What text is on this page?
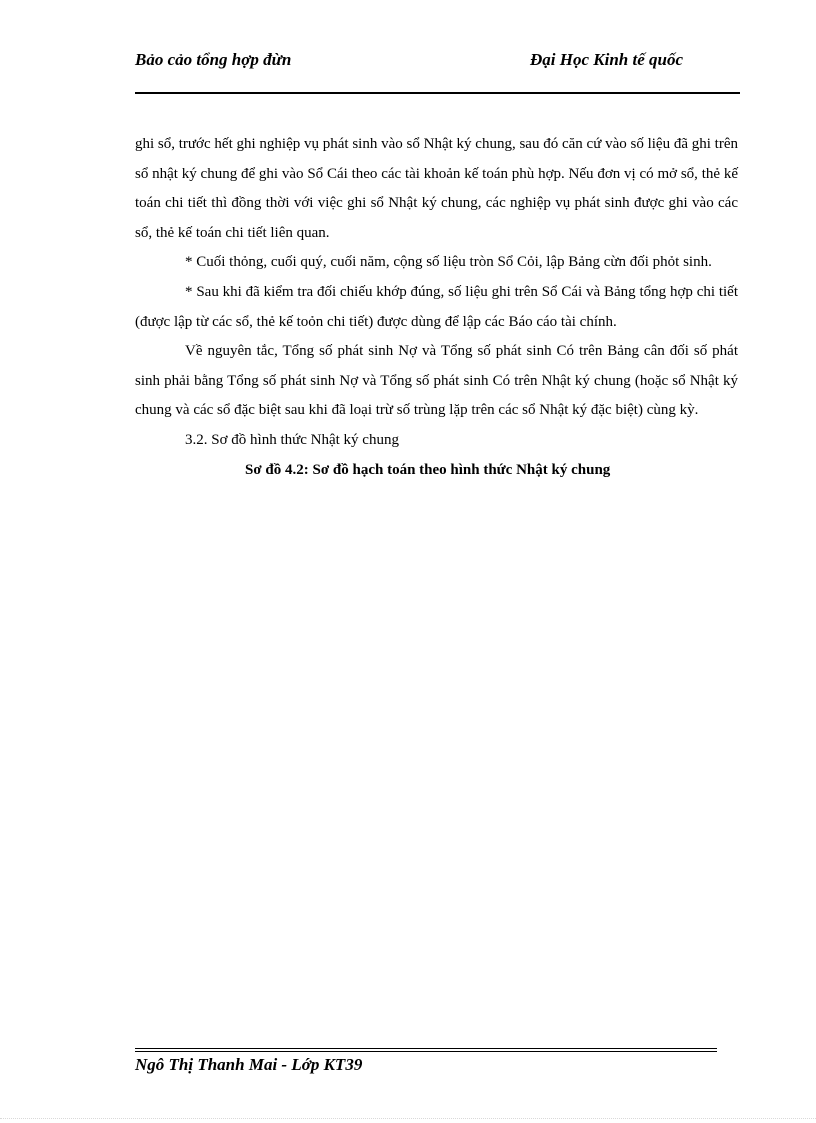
Bảo cảo tổng hợp đừn	Đại Học Kinh tế quốc

ghi sổ, trước hết ghi nghiệp vụ phát sinh vào sổ Nhật ký chung, sau đó căn cứ vào số liệu đã ghi trên sổ nhật ký chung để ghi vào Sổ Cái theo các tài khoản kế toán phù hợp. Nếu đơn vị có mở sổ, thẻ kế toán chi tiết thì đồng thời với việc ghi sổ Nhật ký chung, các nghiệp vụ phát sinh được ghi vào các sổ, thẻ kế toán chi tiết liên quan.

* Cuối thỏng, cuối quý, cuối năm, cộng số liệu tròn Sổ Cỏi, lập Bảng cừn đối phỏt sinh.

* Sau khi đã kiểm tra đối chiếu khớp đúng, số liệu ghi trên Sổ Cái và Bảng tổng hợp chi tiết (được lập từ các sổ, thẻ kế toỏn chi tiết) được dùng để lập các Báo cáo tài chính.

Về nguyên tắc, Tổng số phát sinh Nợ và Tổng số phát sinh Có trên Bảng cân đối số phát sinh phải bằng Tổng số phát sinh Nợ và Tổng số phát sinh Có trên Nhật ký chung (hoặc sổ Nhật ký chung và các sổ đặc biệt sau khi đã loại trừ số trùng lặp trên các sổ Nhật ký đặc biệt) cùng kỳ.

3.2. Sơ đồ hình thức Nhật ký chung

Sơ đồ 4.2: Sơ đồ hạch toán theo hình thức Nhật ký chung

Ngô Thị Thanh Mai - Lớp KT39
